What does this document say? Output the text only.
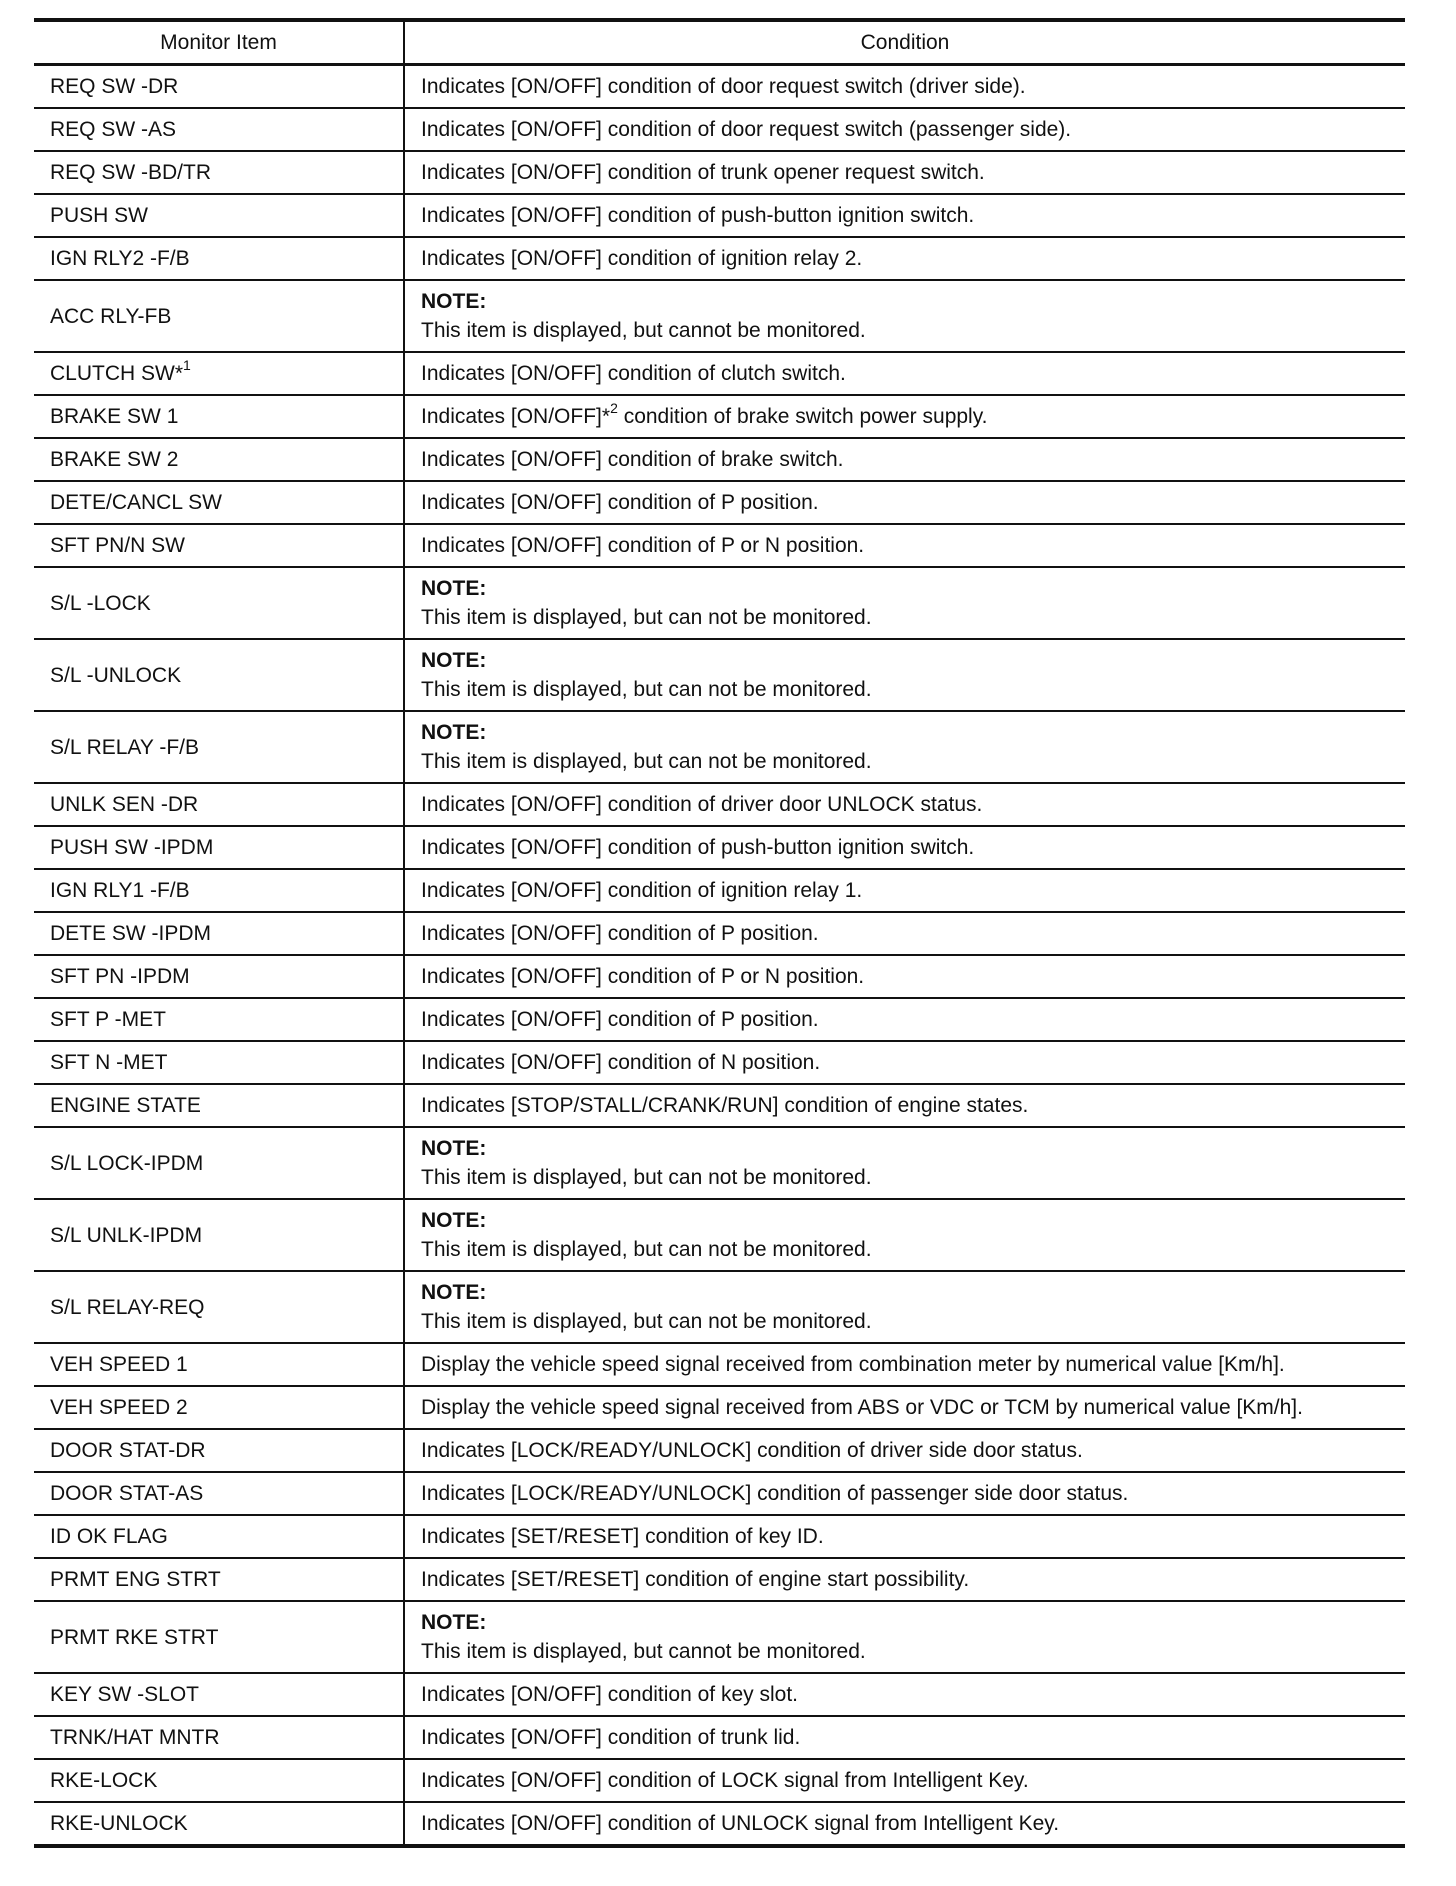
Monitor Item	Condition
REQ SW -DR	Indicates [ON/OFF] condition of door request switch (driver side).
REQ SW -AS	Indicates [ON/OFF] condition of door request switch (passenger side).
REQ SW -BD/TR	Indicates [ON/OFF] condition of trunk opener request switch.
PUSH SW	Indicates [ON/OFF] condition of push-button ignition switch.
IGN RLY2 -F/B	Indicates [ON/OFF] condition of ignition relay 2.
ACC RLY-FB	NOTE:
This item is displayed, but cannot be monitored.

CLUTCH SW*$^1$	Indicates [ON/OFF] condition of clutch switch.
BRAKE SW 1	Indicates [ON/OFF]*$^2$ condition of brake switch power supply.
BRAKE SW 2	Indicates [ON/OFF] condition of brake switch.
DETE/CANCL SW	Indicates [ON/OFF] condition of P position.
SFT PN/N SW	Indicates [ON/OFF] condition of P or N position.
S/L -LOCK	NOTE:
This item is displayed, but can not be monitored.

S/L -UNLOCK	NOTE:
This item is displayed, but can not be monitored.

S/L RELAY -F/B	NOTE:
This item is displayed, but can not be monitored.

UNLK SEN -DR	Indicates [ON/OFF] condition of driver door UNLOCK status.
PUSH SW -IPDM	Indicates [ON/OFF] condition of push-button ignition switch.
IGN RLY1 -F/B	Indicates [ON/OFF] condition of ignition relay 1.
DETE SW -IPDM	Indicates [ON/OFF] condition of P position.
SFT PN -IPDM	Indicates [ON/OFF] condition of P or N position.
SFT P -MET	Indicates [ON/OFF] condition of P position.
SFT N -MET	Indicates [ON/OFF] condition of N position.
ENGINE STATE	Indicates [STOP/STALL/CRANK/RUN] condition of engine states.
S/L LOCK-IPDM	NOTE:
This item is displayed, but can not be monitored.

S/L UNLK-IPDM	NOTE:
This item is displayed, but can not be monitored.

S/L RELAY-REQ	NOTE:
This item is displayed, but can not be monitored.

VEH SPEED 1	Display the vehicle speed signal received from combination meter by numerical value [Km/h].
VEH SPEED 2	Display the vehicle speed signal received from ABS or VDC or TCM by numerical value [Km/h].
DOOR STAT-DR	Indicates [LOCK/READY/UNLOCK] condition of driver side door status.
DOOR STAT-AS	Indicates [LOCK/READY/UNLOCK] condition of passenger side door status.
ID OK FLAG	Indicates [SET/RESET] condition of key ID.
PRMT ENG STRT	Indicates [SET/RESET] condition of engine start possibility.
PRMT RKE STRT	NOTE:
This item is displayed, but cannot be monitored.

KEY SW -SLOT	Indicates [ON/OFF] condition of key slot.
TRNK/HAT MNTR	Indicates [ON/OFF] condition of trunk lid.
RKE-LOCK	Indicates [ON/OFF] condition of LOCK signal from Intelligent Key.
RKE-UNLOCK	Indicates [ON/OFF] condition of UNLOCK signal from Intelligent Key.
